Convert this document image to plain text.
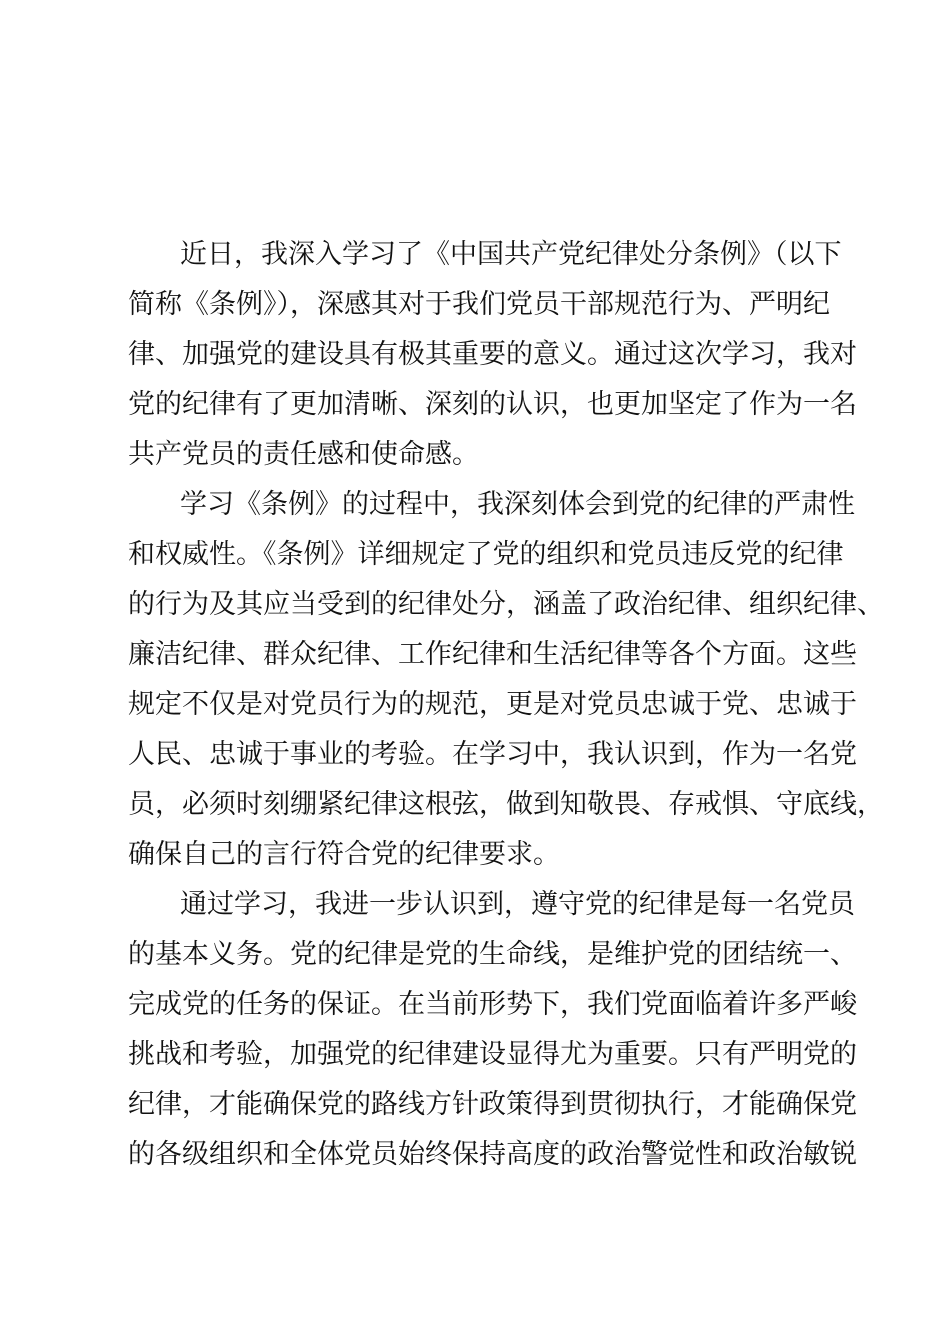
近日，我深入学习了《中国共产党纪律处分条例》（以下
简称《条例》），深感其对于我们党员干部规范行为、严明纪
律、加强党的建设具有极其重要的意义。通过这次学习，我对
党的纪律有了更加清晰、深刻的认识，也更加坚定了作为一名
共产党员的责任感和使命感。
学习《条例》的过程中，我深刻体会到党的纪律的严肃性
和权威性。《条例》详细规定了党的组织和党员违反党的纪律
的行为及其应当受到的纪律处分，涵盖了政治纪律、组织纪律、
廉洁纪律、群众纪律、工作纪律和生活纪律等各个方面。这些
规定不仅是对党员行为的规范，更是对党员忠诚于党、忠诚于
人民、忠诚于事业的考验。在学习中，我认识到，作为一名党
员，必须时刻绷紧纪律这根弦，做到知敬畏、存戒惧、守底线，
确保自己的言行符合党的纪律要求。
通过学习，我进一步认识到，遵守党的纪律是每一名党员
的基本义务。党的纪律是党的生命线，是维护党的团结统一、
完成党的任务的保证。在当前形势下，我们党面临着许多严峻
挑战和考验，加强党的纪律建设显得尤为重要。只有严明党的
纪律，才能确保党的路线方针政策得到贯彻执行，才能确保党
的各级组织和全体党员始终保持高度的政治警觉性和政治敏锐
